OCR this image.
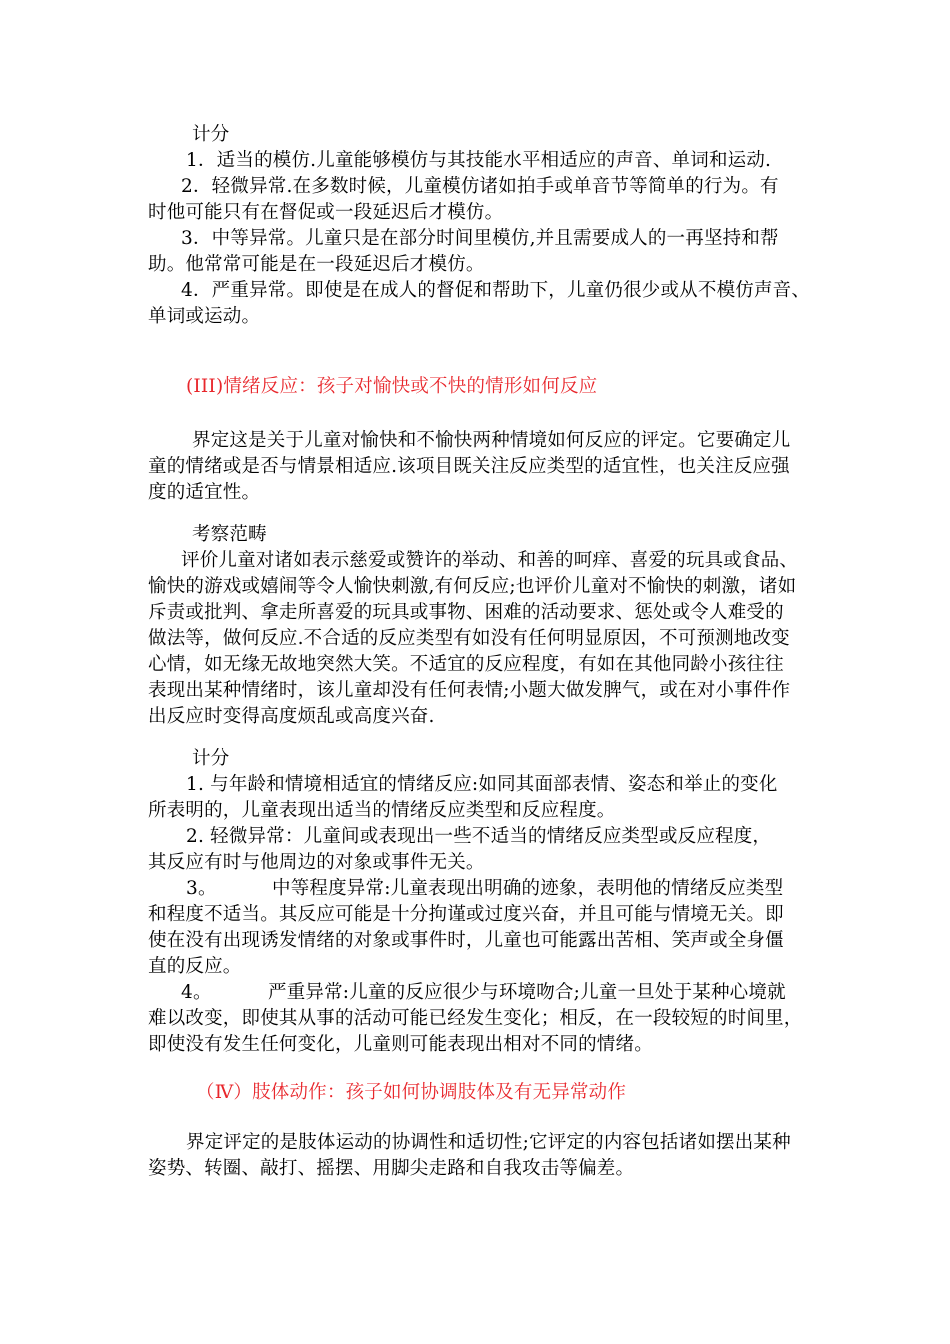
计分
1．适当的模仿.儿童能够模仿与其技能水平相适应的声音、单词和运动.
2．轻微异常.在多数时候，儿童模仿诸如拍手或单音节等简单的行为。有
时他可能只有在督促或一段延迟后才模仿。
3．中等异常。儿童只是在部分时间里模仿,并且需要成人的一再坚持和帮
助。他常常可能是在一段延迟后才模仿。
4．严重异常。即使是在成人的督促和帮助下，儿童仍很少或从不模仿声音、
单词或运动。
(III)情绪反应：孩子对愉快或不快的情形如何反应
界定这是关于儿童对愉快和不愉快两种情境如何反应的评定。它要确定儿
童的情绪或是否与情景相适应.该项目既关注反应类型的适宜性，也关注反应强
度的适宜性。
考察范畴
评价儿童对诸如表示慈爱或赞许的举动、和善的呵痒、喜爱的玩具或食品、
愉快的游戏或嬉闹等令人愉快刺激,有何反应;也评价儿童对不愉快的刺激，诸如
斥责或批判、拿走所喜爱的玩具或事物、困难的活动要求、惩处或令人难受的
做法等，做何反应.不合适的反应类型有如没有任何明显原因，不可预测地改变
心情，如无缘无故地突然大笑。不适宜的反应程度，有如在其他同龄小孩往往
表现出某种情绪时，该儿童却没有任何表情;小题大做发脾气，或在对小事件作
出反应时变得高度烦乱或高度兴奋.
计分
1. 与年龄和情境相适宜的情绪反应:如同其面部表情、姿态和举止的变化
所表明的，儿童表现出适当的情绪反应类型和反应程度。
2. 轻微异常：儿童间或表现出一些不适当的情绪反应类型或反应程度，
其反应有时与他周边的对象或事件无关。
3。	中等程度异常:儿童表现出明确的迹象，表明他的情绪反应类型
和程度不适当。其反应可能是十分拘谨或过度兴奋，并且可能与情境无关。即
使在没有出现诱发情绪的对象或事件时，儿童也可能露出苦相、笑声或全身僵
直的反应。
4。	严重异常:儿童的反应很少与环境吻合;儿童一旦处于某种心境就
难以改变，即使其从事的活动可能已经发生变化；相反，在一段较短的时间里，
即使没有发生任何变化，儿童则可能表现出相对不同的情绪。
（Ⅳ）肢体动作：孩子如何协调肢体及有无异常动作
界定评定的是肢体运动的协调性和适切性;它评定的内容包括诸如摆出某种
姿势、转圈、敲打、摇摆、用脚尖走路和自我攻击等偏差。
